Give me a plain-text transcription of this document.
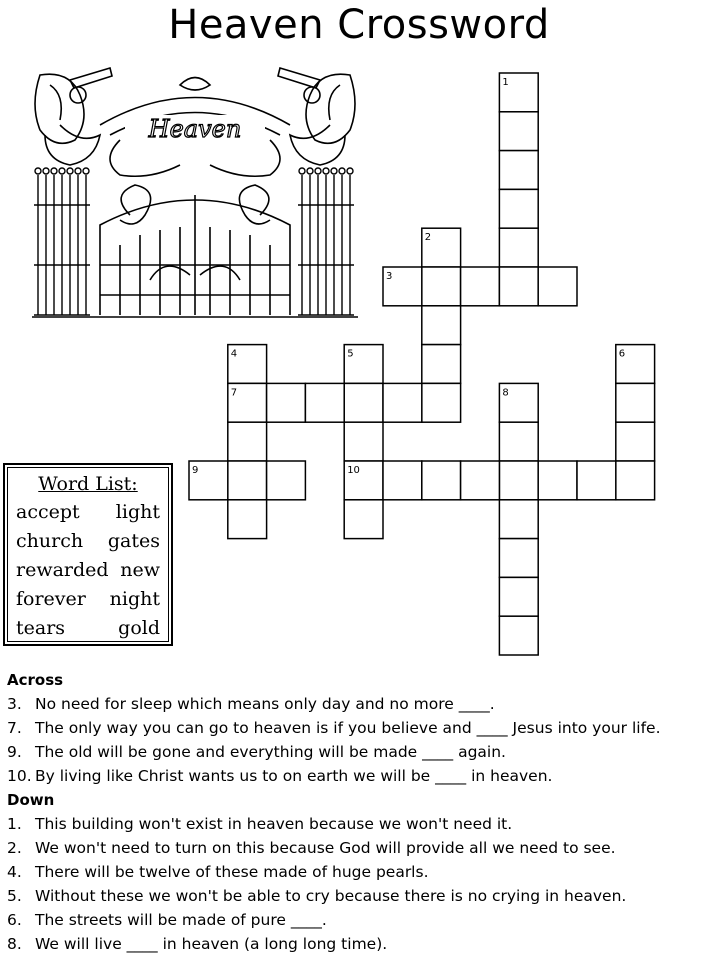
Heaven Crossword
1
2
3
4	5	6
7	8
9	10
Heaven
Word List:
accept light
church gates
rewarded new
forever night
tears	gold
Across
3. No need for sleep which means only day and no more ____.
7. The only way you can go to heaven is if you believe and ____ Jesus into your life.
9. The old will be gone and everything will be made ____ again.
10. By living like Christ wants us to on earth we will be ____ in heaven.
Down
1. This building won't exist in heaven because we won't need it.
2. We won't need to turn on this because God will provide all we need to see.
4. There will be twelve of these made of huge pearls.
5. Without these we won't be able to cry because there is no crying in heaven.
6. The streets will be made of pure ____.
8. We will live ____ in heaven (a long long time).
